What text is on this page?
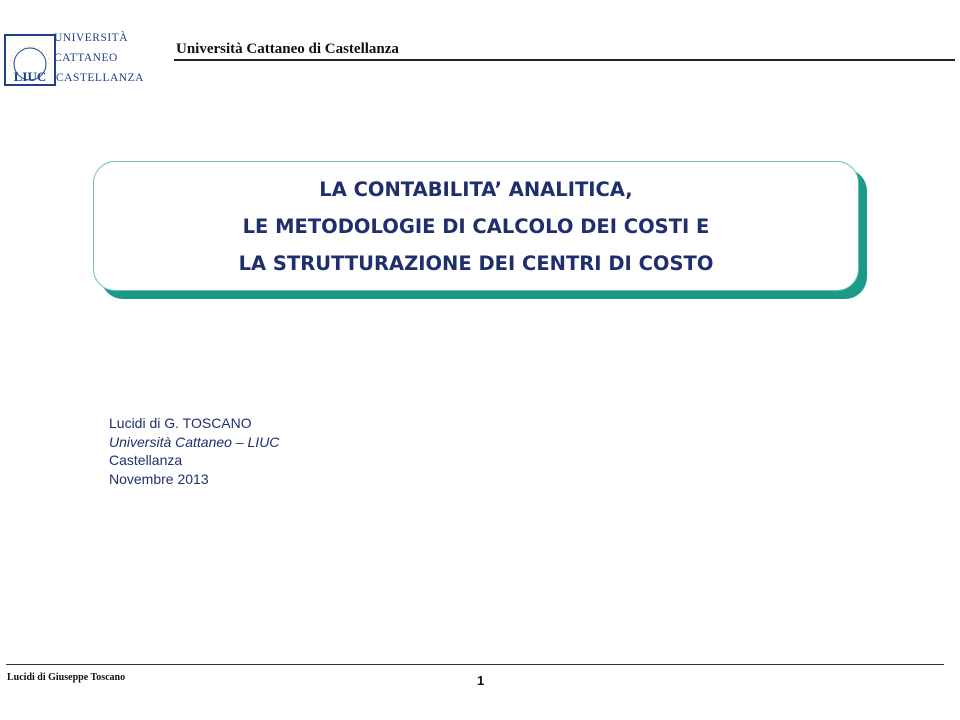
LIUC
UNIVERSITÀ
CATTANEO
CASTELLANZA
Università Cattaneo di Castellanza
LA CONTABILITA’ ANALITICA,
LE METODOLOGIE DI CALCOLO DEI COSTI E
LA STRUTTURAZIONE DEI CENTRI DI COSTO
Lucidi di G. TOSCANO
Università Cattaneo – LIUC
Castellanza
Novembre 2013
Lucidi di Giuseppe Toscano	1
